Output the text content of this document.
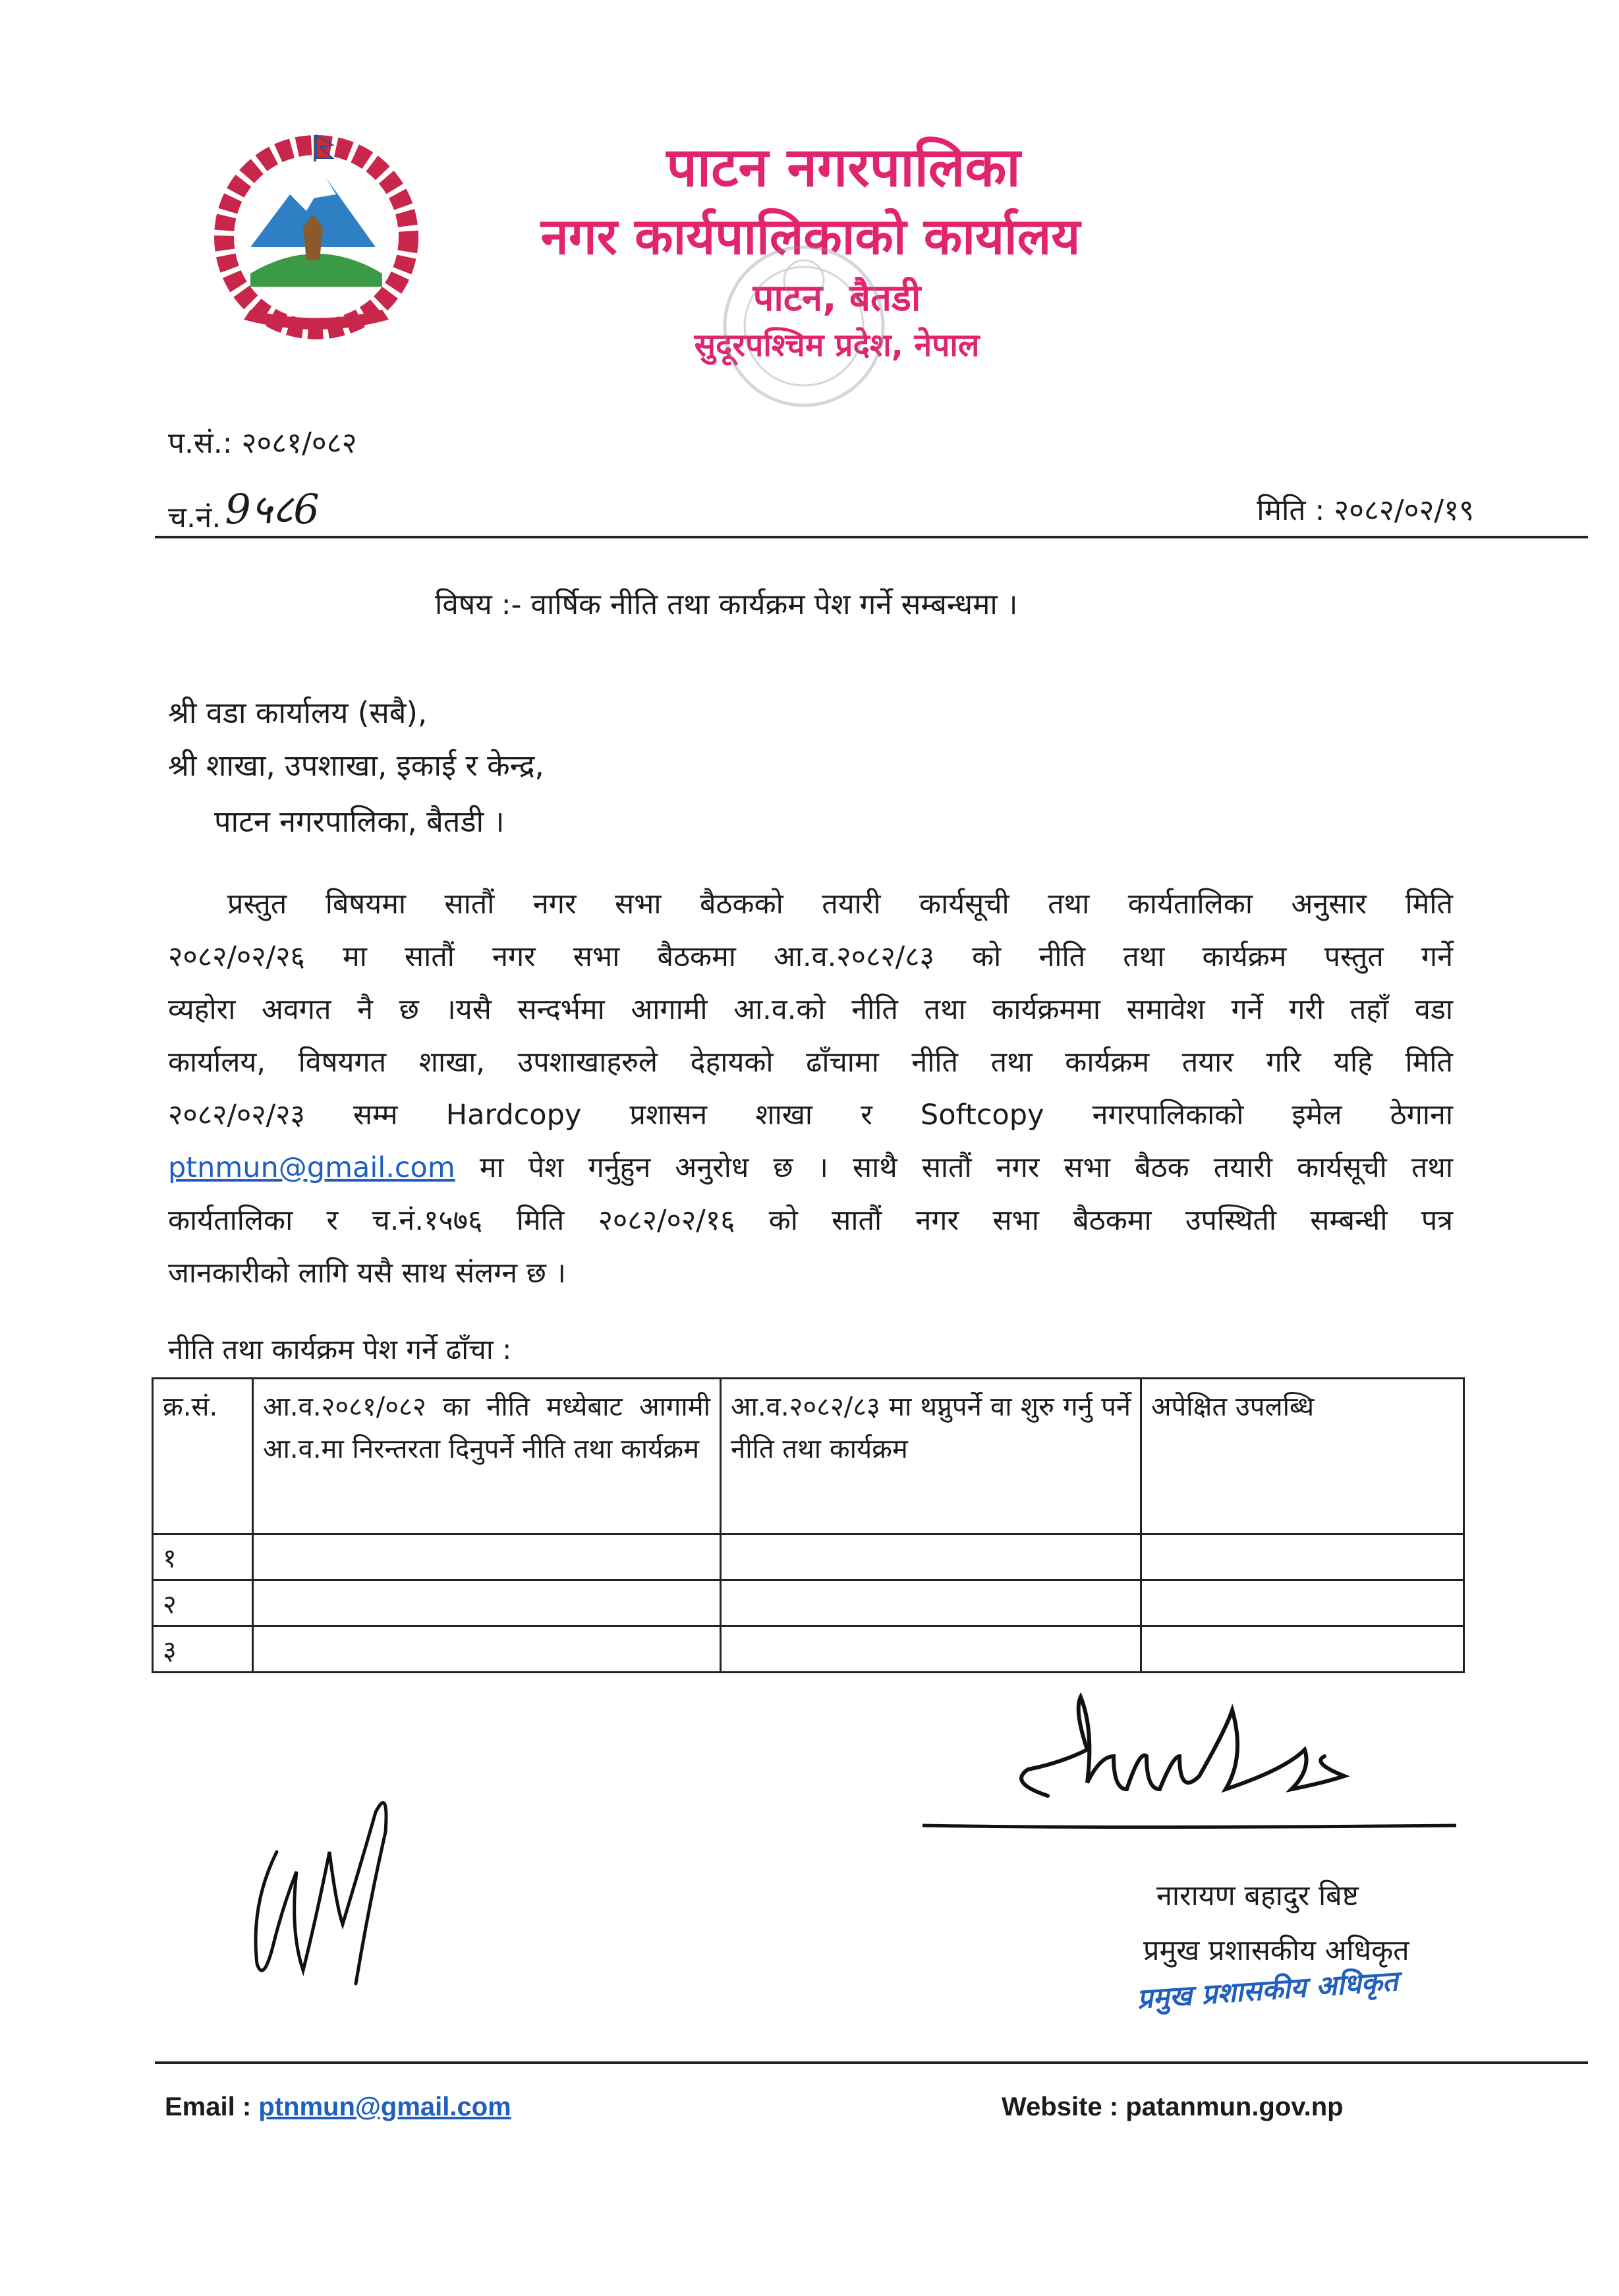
पाटन नगरपालिका
नगर कार्यपालिकाको कार्यालय
पाटन, बैतडी
सुदूरपश्चिम प्रदेश, नेपाल
प.सं.: २०८१/०८२
च.नं.9५८6	मिति : २०८२/०२/१९
विषय :- वार्षिक नीति तथा कार्यक्रम पेश गर्ने सम्बन्धमा ।
श्री वडा कार्यालय (सबै),
श्री शाखा, उपशाखा, इकाई र केन्द्र,
पाटन नगरपालिका, बैतडी ।
प्रस्तुत बिषयमा सातौं नगर सभा बैठकको तयारी कार्यसूची तथा कार्यतालिका अनुसार मिति
२०८२/०२/२६ मा सातौं नगर सभा बैठकमा आ.व.२०८२/८३ को नीति तथा कार्यक्रम पस्तुत गर्ने
व्यहोरा अवगत नै छ ।यसै सन्दर्भमा आगामी आ.व.को नीति तथा कार्यक्रममा समावेश गर्ने गरी तहाँ वडा
कार्यालय, विषयगत शाखा, उपशाखाहरुले देहायको ढाँचामा नीति तथा कार्यक्रम तयार गरि यहि मिति
२०८२/०२/२३ सम्म Hardcopy प्रशासन शाखा र Softcopy नगरपालिकाको इमेल ठेगाना
ptnmun@gmail.com मा पेश गर्नुहुन अनुरोध छ । साथै सातौं नगर सभा बैठक तयारी कार्यसूची तथा
कार्यतालिका र च.नं.१५७६ मिति २०८२/०२/१६ को सातौं नगर सभा बैठकमा उपस्थिती सम्बन्धी पत्र
जानकारीको लागि यसै साथ संलग्न छ ।
नीति तथा कार्यक्रम पेश गर्ने ढाँचा :
क्र.सं.	आ.व.२०८१/०८२ का नीति मध्येबाट आगामी आ.व.मा निरन्तरता दिनुपर्ने नीति तथा कार्यक्रम	आ.व.२०८२/८३ मा थप्नुपर्ने वा शुरु गर्नु पर्ने नीति तथा कार्यक्रम	अपेक्षित उपलब्धि
१			
२			
३			
नारायण बहादुर बिष्ट
प्रमुख प्रशासकीय अधिकृत
प्रमुख प्रशासकीय अधिकृत
Email : ptnmun@gmail.com	Website : patanmun.gov.np
